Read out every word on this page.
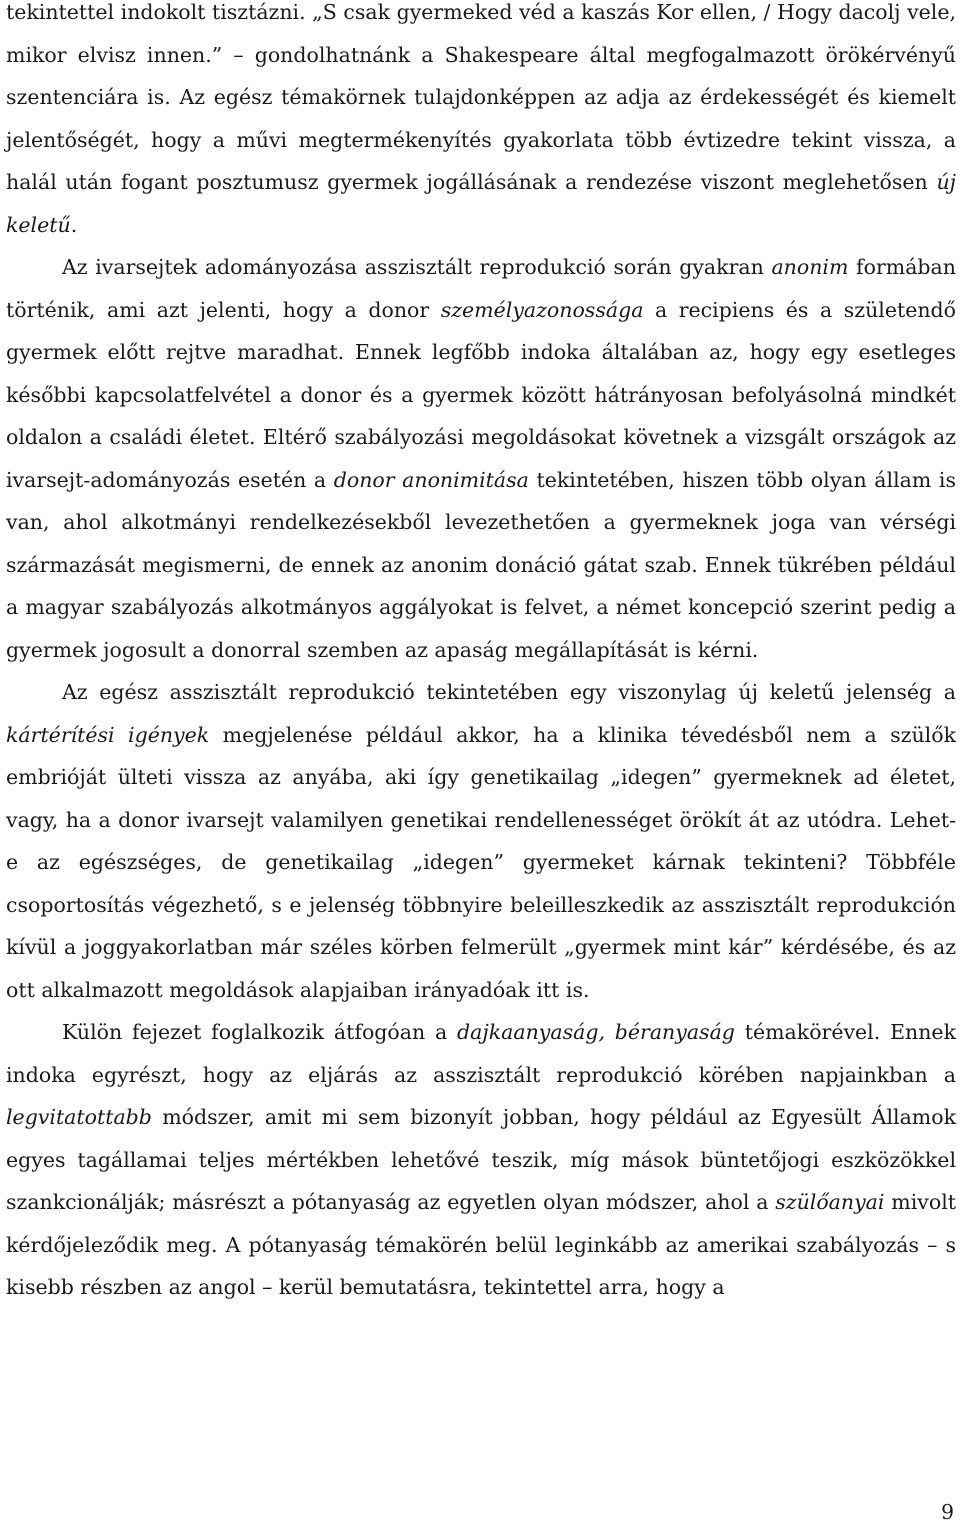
tekintettel indokolt tisztázni. „S csak gyermeked véd a kaszás Kor ellen, / Hogy dacolj vele, mikor elvisz innen.” – gondolhatnánk a Shakespeare által megfogalmazott örökérvényű szentenciára is. Az egész témakörnek tulajdonképpen az adja az érdekességét és kiemelt jelentőségét, hogy a művi megtermékenyítés gyakorlata több évtizedre tekint vissza, a halál után fogant posztumusz gyermek jogállásának a rendezése viszont meglehetősen új keletű.

Az ivarsejtek adományozása asszisztált reprodukció során gyakran anonim formában történik, ami azt jelenti, hogy a donor személyazonossága a recipiens és a születendő gyermek előtt rejtve maradhat. Ennek legfőbb indoka általában az, hogy egy esetleges későbbi kapcsolatfelvétel a donor és a gyermek között hátrányosan befolyásolná mindkét oldalon a családi életet. Eltérő szabályozási megoldásokat követnek a vizsgált országok az ivarsejt-adományozás esetén a donor anonimitása tekintetében, hiszen több olyan állam is van, ahol alkotmányi rendelkezésekből levezethetően a gyermeknek joga van vérségi származását megismerni, de ennek az anonim donáció gátat szab. Ennek tükrében például a magyar szabályozás alkotmányos aggályokat is felvet, a német koncepció szerint pedig a gyermek jogosult a donorral szemben az apaság megállapítását is kérni.

Az egész asszisztált reprodukció tekintetében egy viszonylag új keletű jelenség a kártérítési igények megjelenése például akkor, ha a klinika tévedésből nem a szülők embrióját ülteti vissza az anyába, aki így genetikailag „idegen” gyermeknek ad életet, vagy, ha a donor ivarsejt valamilyen genetikai rendellenességet örökít át az utódra. Lehet-e az egészséges, de genetikailag „idegen” gyermeket kárnak tekinteni? Többféle csoportosítás végezhető, s e jelenség többnyire beleilleszkedik az asszisztált reprodukción kívül a joggyakorlatban már széles körben felmerült „gyermek mint kár” kérdésébe, és az ott alkalmazott megoldások alapjaiban irányadóak itt is.

Külön fejezet foglalkozik átfogóan a dajkaanyaság, béranyaság témakörével. Ennek indoka egyrészt, hogy az eljárás az asszisztált reprodukció körében napjainkban a legvitatottabb módszer, amit mi sem bizonyít jobban, hogy például az Egyesült Államok egyes tagállamai teljes mértékben lehetővé teszik, míg mások büntetőjogi eszközökkel szankcionálják; másrészt a pótanyaság az egyetlen olyan módszer, ahol a szülőanyai mivolt kérdőjeleződik meg. A pótanyaság témakörén belül leginkább az amerikai szabályozás – s kisebb részben az angol – kerül bemutatásra, tekintettel arra, hogy a

9
